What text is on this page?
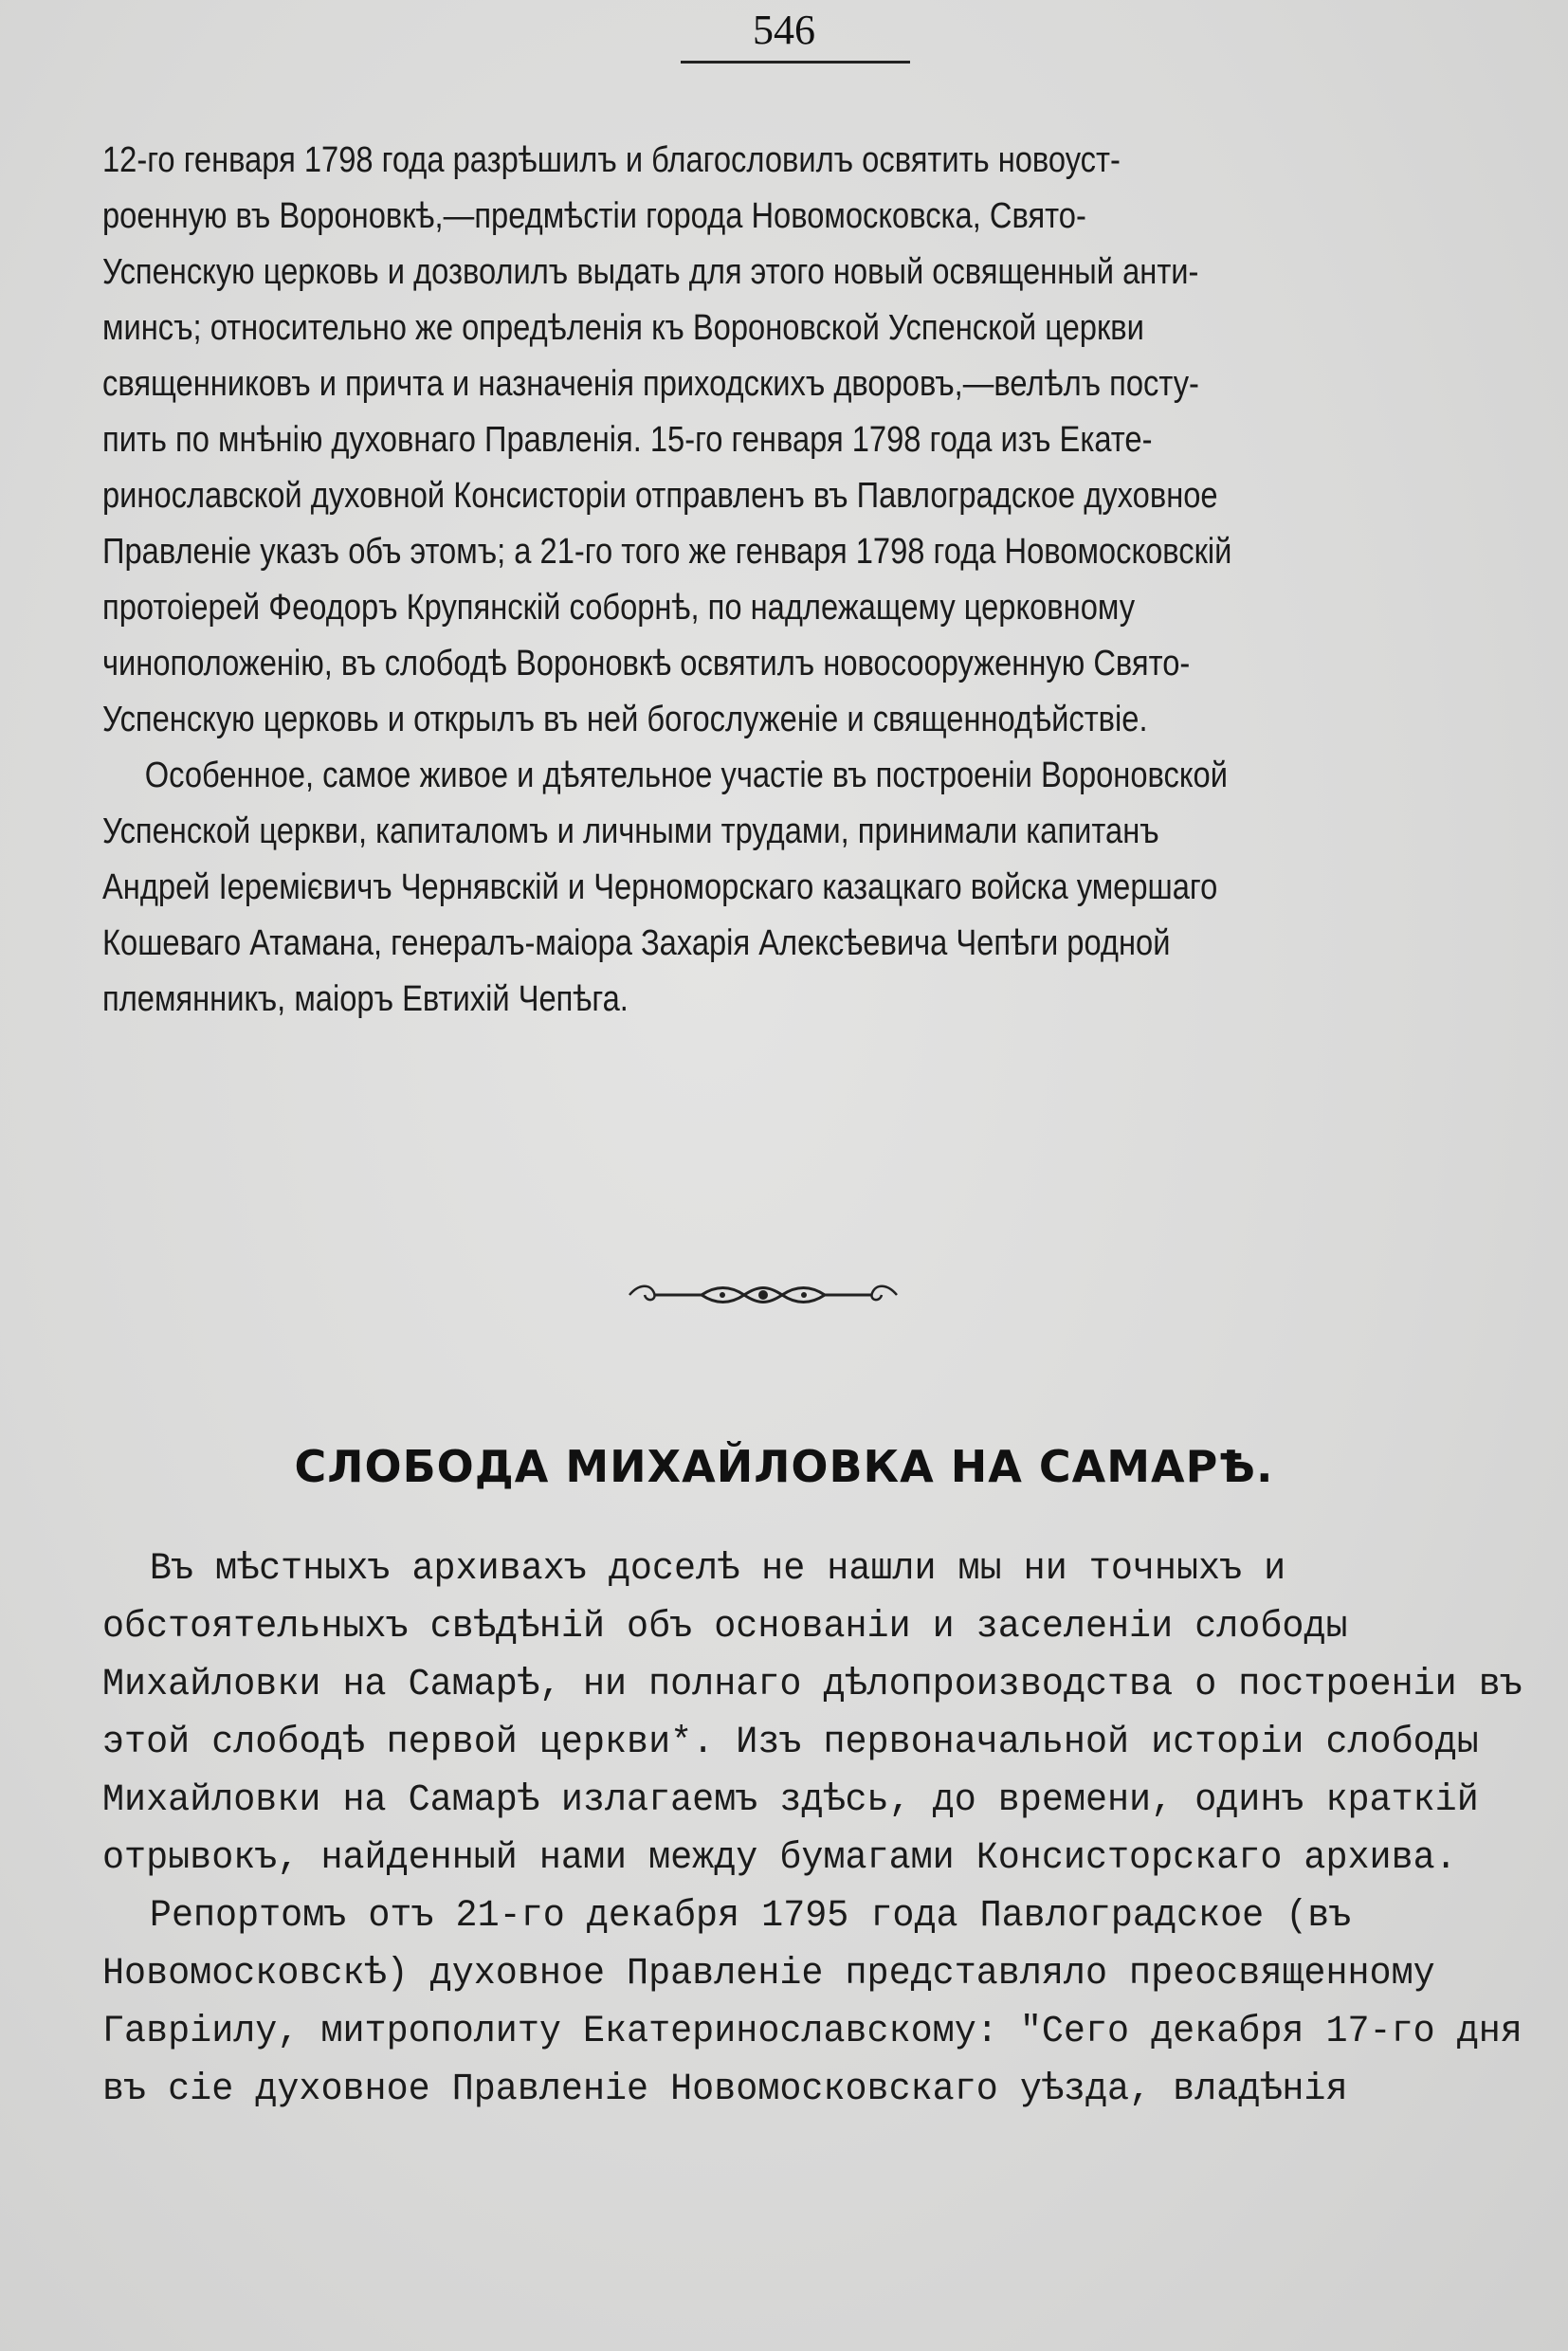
546
12-го генваря 1798 года разрѣшилъ и благословилъ освятить новоуст-
роенную въ Вороновкѣ,—предмѣстіи города Новомосковска, Свято-
Успенскую церковь и дозволилъ выдать для этого новый освященный анти-
минсъ; относительно же опредѣленія къ Вороновской Успенской церкви
священниковъ и причта и назначенія приходскихъ дворовъ,—велѣлъ посту-
пить по мнѣнію духовнаго Правленія. 15-го генваря 1798 года изъ Екате-
ринославской духовной Консисторіи отправленъ въ Павлоградское духовное
Правленіе указъ объ этомъ; а 21-го того же генваря 1798 года Новомосковскій
протоіерей Феодоръ Крупянскій соборнѣ, по надлежащему церковному
чиноположенію, въ слободѣ Вороновкѣ освятилъ новосооруженную Свято-
Успенскую церковь и открылъ въ ней богослуженіе и священнодѣйствіе.
Особенное, самое живое и дѣятельное участіе въ построеніи Вороновской
Успенской церкви, капиталомъ и личными трудами, принимали капитанъ
Андрей Іеремієвичъ Чернявскій и Черноморскаго казацкаго войска умершаго
Кошеваго Атамана, генералъ-маіора Захарія Алексѣевича Чепѣги родной
племянникъ, маіоръ Евтихій Чепѣга.
СЛОБОДА МИХАЙЛОВКА НА САМАРѢ.
Въ мѣстныхъ архивахъ доселѣ не нашли мы ни точныхъ и
обстоятельныхъ свѣдѣній объ основаніи и заселеніи слободы
Михайловки на Самарѣ, ни полнаго дѣлопроизводства о построеніи въ
этой слободѣ первой церкви*. Изъ первоначальной исторіи слободы
Михайловки на Самарѣ излагаемъ здѣсь, до времени, одинъ краткій
отрывокъ, найденный нами между бумагами Консисторскаго архива.
Репортомъ отъ 21-го декабря 1795 года Павлоградское (въ
Новомосковскѣ) духовное Правленіе представляло преосвященному
Гавріилу, митрополиту Екатеринославскому: "Сего декабря 17-го дня
въ сіе духовное Правленіе Новомосковскаго уѣзда, владѣнія
